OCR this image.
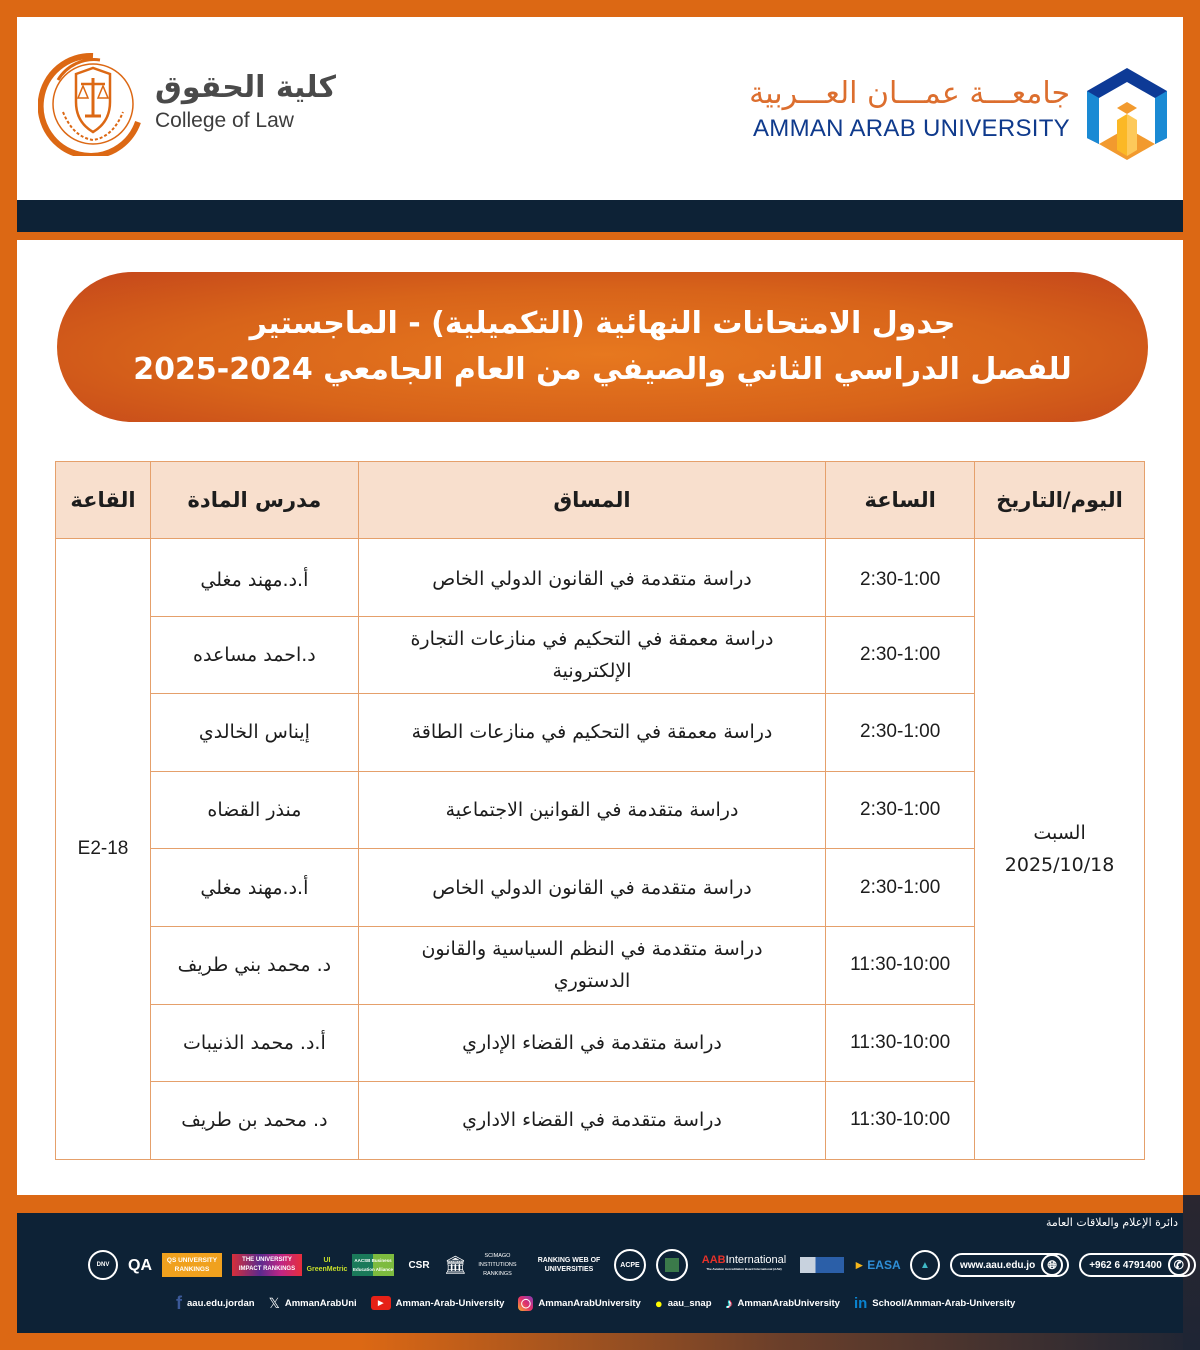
كلية الحقوق
College of Law
جامعـــة عمـــان العـــربية
AMMAN ARAB UNIVERSITY
جدول الامتحانات النهائية (التكميلية) - الماجستير
للفصل الدراسي الثاني والصيفي من العام الجامعي 2024-2025
اليوم/التاريخ	الساعة	المساق	مدرس المادة	القاعة

السبت
2025/10/18	2:30-1:00	دراسة متقدمة في القانون الدولي الخاص	أ.د.مهند مغلي	E2-18
	2:30-1:00	دراسة معمقة في التحكيم في منازعات التجارة الإلكترونية	د.احمد مساعده	
	2:30-1:00	دراسة معمقة في التحكيم في منازعات الطاقة	إيناس الخالدي	
	2:30-1:00	دراسة متقدمة في القوانين الاجتماعية	منذر القضاه	
	2:30-1:00	دراسة متقدمة في القانون الدولي الخاص	أ.د.مهند مغلي	
	11:30-10:00	دراسة متقدمة في النظم السياسية والقانون الدستوري	د. محمد بني طريف	
	11:30-10:00	دراسة متقدمة في القضاء الإداري	أ.د. محمد الذنيبات	
	11:30-10:00	دراسة متقدمة في القضاء الاداري	د. محمد بن طريف	
دائرة الإعلام والعلاقات العامة
DNV	QA	QS UNIVERSITY RANKINGS
THE UNIVERSITY IMPACT RANKINGS
UI GreenMetric
AACSB Business Education Alliance	CSR 🏛︎	SCIMAGO INSTITUTIONS RANKINGS
RANKING WEB OF UNIVERSITIES
ACPE	AABInternational
The Aviation Accreditation Board International (AAB)	► EASA ▲	www.aau.edu.jo	🌐︎	+962 6 4791400 ✆
f aau.edu.jordan 𝕏 AmmanArabUni	▶	Amman-Arab-University ◯ AmmanArabUniversity ● aau_snap ♪ AmmanArabUniversity in School/Amman-Arab-University
